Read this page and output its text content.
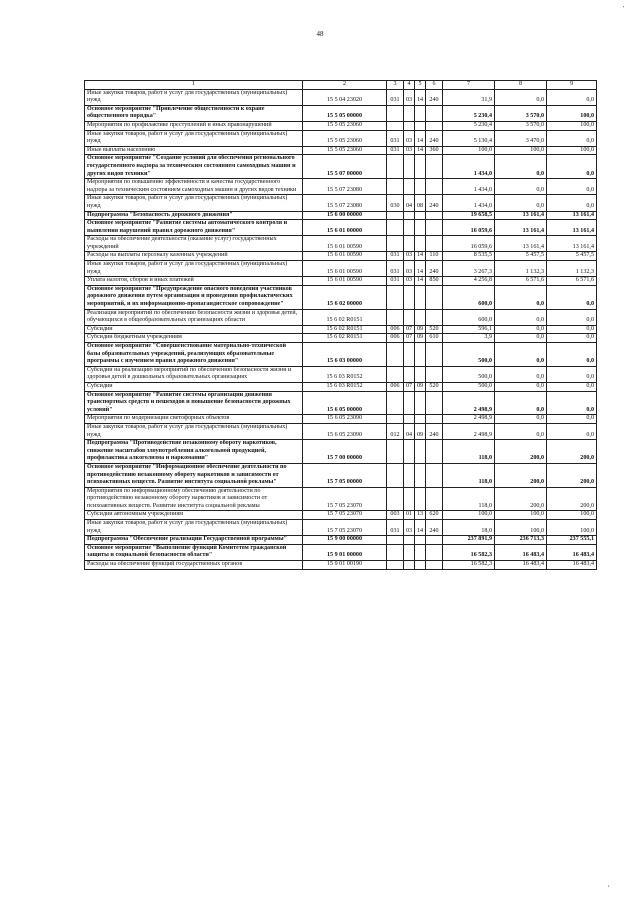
48
'
,
1	2	3	4	5	6	7	8	9
Иные закупки товаров, работ и услуг для государственных (муниципальных) нужд	15 5 04 23020	031	03	14	240	31,9	0,0	0,0
Основное мероприятие "Привлечение общественности к охране общественного порядка"	15 5 05 00000					5 230,4	3 570,0	100,0
Мероприятия по профилактике преступлений и иных правонарушений	15 5 05 23060					5 230,4	3 570,0	100,0
Иные закупки товаров, работ и услуг для государственных (муниципальных) нужд	15 5 05 23060	031	03	14	240	5 130,4	3 470,0	0,0
Иные выплаты населению	15 5 05 23060	031	03	14	360	100,0	100,0	100,0
Основное мероприятие "Создание условий для обеспечения регионального государственного надзора за техническим состоянием самоходных машин и других видов техники"	15 5 07 00000					1 434,0	0,0	0,0
Мероприятия по повышению эффективности и качества государственного надзора за техническим состоянием самоходных машин и других видов техники	15 5 07 23080					1 434,0	0,0	0,0
Иные закупки товаров, работ и услуг для государственных (муниципальных) нужд	15 5 07 23080	030	04	08	240	1 434,0	0,0	0,0
Подпрограмма "Безопасность дорожного движения"	15 6 00 00000					19 658,5	13 161,4	13 161,4
Основное мероприятие "Развитие системы автоматического контроля и выявления нарушений правил дорожного движения"	15 6 01 00000					16 059,6	13 161,4	13 161,4
Расходы на обеспечение деятельности (оказание услуг) государственных учреждений	15 6 01 00590					16 059,6	13 161,4	13 161,4
Расходы на выплаты персоналу казенных учреждений	15 6 01 00590	031	03	14	110	8 535,5	5 457,5	5 457,5
Иные закупки товаров, работ и услуг для государственных (муниципальных) нужд	15 6 01 00590	031	03	14	240	3 267,3	1 132,3	1 132,3
Уплата налогов, сборов и иных платежей	15 6 01 00590	031	03	14	850	4 256,8	6 571,6	6 571,6
Основное мероприятие "Предупреждение опасного поведения участников дорожного движения путем организации и проведения профилактических мероприятий, и их информационно-пропагандистское сопровождение"	15 6 02 00000					600,0	0,0	0,0
Реализация мероприятий по обеспечению безопасности жизни и здоровья детей, обучающихся в общеобразовательных организациях области	15 6 02 R0151					600,0	0,0	0,0
Субсидии	15 6 02 R0151	006	07	09	520	596,1	0,0	0,0
Субсидии бюджетным учреждениям	15 6 02 R0151	006	07	09	610	3,9	0,0	0,0
Основное мероприятие "Совершенствование материально-технической базы образовательных учреждений, реализующих образовательные программы с изучением правил дорожного движения"	15 6 03 00000					500,0	0,0	0,0
Субсидии на реализацию мероприятий по обеспечению безопасности жизни и здоровья детей в дошкольных образовательных организациях	15 6 03 R0152					500,0	0,0	0,0
Субсидии	15 6 03 R0152	006	07	09	520	500,0	0,0	0,0
Основное мероприятие "Развитие системы организации движения транспортных средств и пешеходов и повышение безопасности дорожных условий"	15 6 05 00000					2 498,9	0,0	0,0
Мероприятия по модернизации светофорных объектов	15 6 05 23090					2 498,9	0,0	0,0
Иные закупки товаров, работ и услуг для государственных (муниципальных) нужд	15 6 05 23090	012	04	09	240	2 498,9	0,0	0,0
Подпрограмма "Противодействие незаконному обороту наркотиков, снижение масштабов злоупотребления алкогольной продукцией, профилактика алкоголизма и наркомании"	15 7 00 00000					118,0	200,0	200,0
Основное мероприятие "Информационное обеспечение деятельности по противодействию незаконному обороту наркотиков и зависимости от психоактивных веществ. Развитие института социальной рекламы"	15 7 05 00000					118,0	200,0	200,0
Мероприятия по информационному обеспечению деятельности по противодействию незаконному обороту наркотиков и зависимости от психоактивных веществ. Развитие института социальной рекламы	15 7 05 23070					118,0	200,0	200,0
Субсидии автономным учреждениям	15 7 05 23070	003	01	13	620	100,0	100,0	100,0
Иные закупки товаров, работ и услуг для государственных (муниципальных) нужд	15 7 05 23070	031	03	14	240	18,0	100,0	100,0
Подпрограмма "Обеспечение реализации Государственной программы"	15 9 00 00000					237 891,9	236 713,3	237 555,1
Основное мероприятие "Выполнение функций Комитетом гражданской защиты и социальной безопасности области"	15 9 01 00000					16 582,3	16 483,4	16 483,4
Расходы на обеспечение функций государственных органов	15 9 01 00190					16 582,3	16 483,4	16 483,4
